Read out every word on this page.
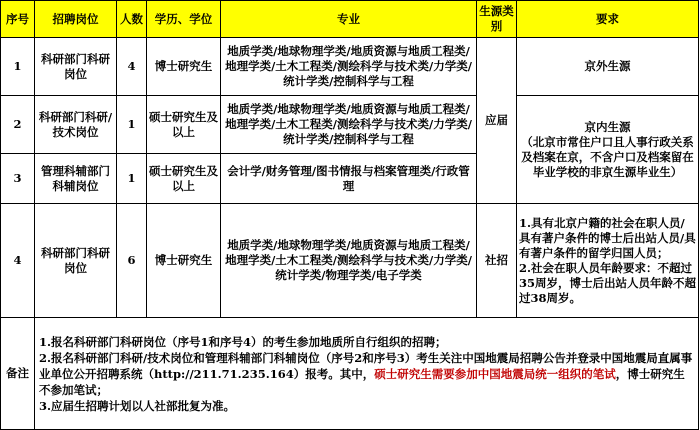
序号	招聘岗位	人数	学历、学位	专业	生源类别	要求
1	科研部门科研岗位	4	博士研究生	地质学类/地球物理学类/地质资源与地质工程类/地理学类/土木工程类/测绘科学与技术类/力学类/统计学类/控制科学与工程	应届	京外生源
2	科研部门科研/技术岗位	1	硕士研究生及以上	地质学类/地球物理学类/地质资源与地质工程类/地理学类/土木工程类/测绘科学与技术类/力学类/统计学类/控制科学与工程		京内生源
（北京市常住户口且人事行政关系及档案在京，不含户口及档案留在毕业学校的非京生源毕业生）

3	管理科辅部门科辅岗位	1	硕士研究生及以上	会计学/财务管理/图书情报与档案管理类/行政管理		
4	科研部门科研岗位	6	博士研究生	地质学类/地球物理学类/地质资源与地质工程类/地理学类/土木工程类/测绘科学与技术类/力学类/统计学类/物理学类/电子学类	社招	1.具有北京户籍的社会在职人员/具有著户条件的博士后出站人员/具有著户条件的留学归国人员；
2.社会在职人员年龄要求：不超过35周岁，博士后出站人员年龄不超过38周岁。

备注	1.报名科研部门科研岗位（序号1和序号4）的考生参加地质所自行组织的招聘；
2.报名科研部门科研/技术岗位和管理科辅部门科辅岗位（序号2和序号3）考生关注中国地震局招聘公告并登录中国地震局直属事业单位公开招聘系统（http://211.71.235.164）报考。其中，硕士研究生需要参加中国地震局统一组织的笔试，博士研究生不参加笔试；
3.应届生招聘计划以人社部批复为准。					
